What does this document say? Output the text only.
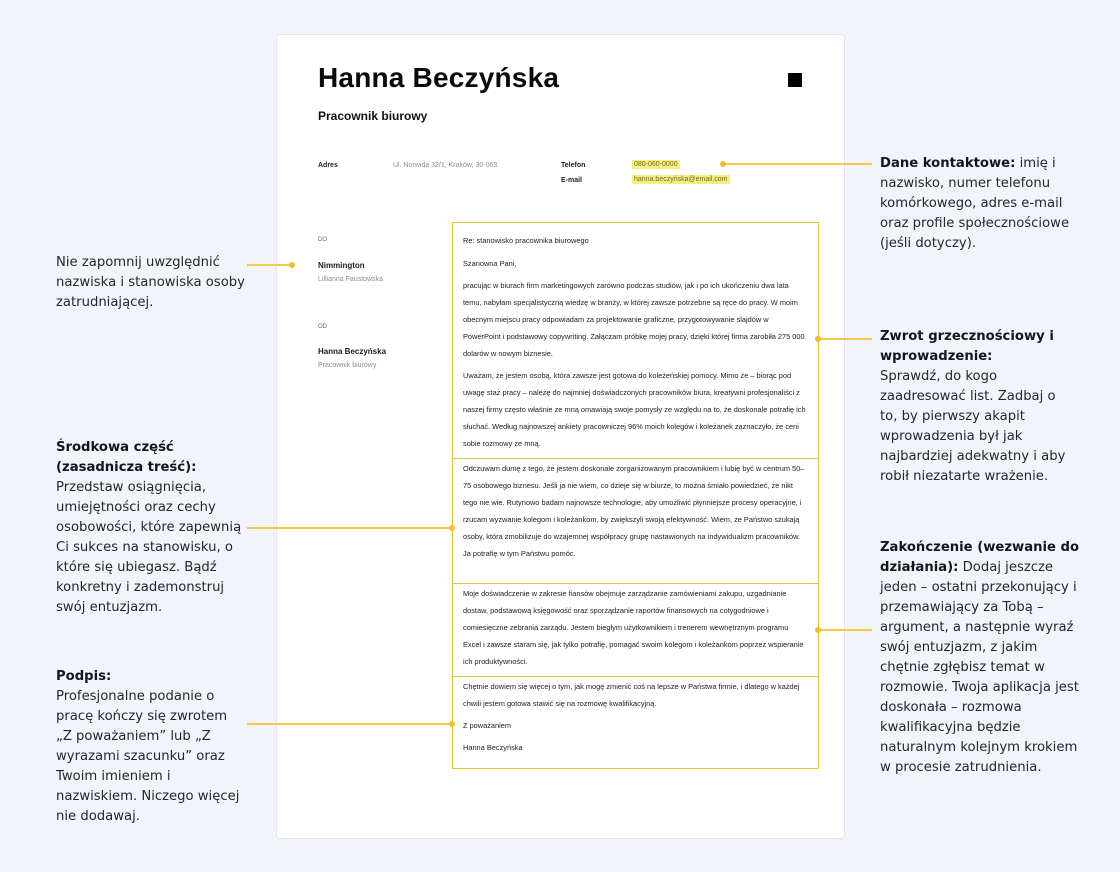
Hanna Beczyńska
Pracownik biurowy
Adres	Ul. Norwida 32/1, Kraków, 30-063	Telefon	080-060-0000
E-mail	hanna.beczyńska@email.com
DO
Nimmington
Lillianna Faustowska
OD
Hanna Beczyńska
Pracownik biurowy
Re: stanowisko pracownika biurowego
Szanowna Pani,
pracując w biurach firm marketingowych zarówno podczas studiów, jak i po ich ukończeniu dwa lata temu, nabyłam specjalistyczną wiedzę w branży, w której zawsze potrzebne są ręce do pracy. W moim obecnym miejscu pracy odpowiadam za projektowanie graficzne, przygotowywanie slajdów w PowerPoint i podstawowy copywriting. Załączam próbkę mojej pracy, dzięki której firma zarobiła 275 000 dolarów w nowym biznesie.
Uważam, że jestem osobą, która zawsze jest gotowa do koleżeńskiej pomocy. Mimo że – biorąc pod uwagę staż pracy – należę do najmniej doświadczonych pracowników biura, kreatywni profesjonaliści z naszej firmy często właśnie ze mną omawiają swoje pomysły ze względu na to, że doskonale potrafię ich słuchać. Według najnowszej ankiety pracowniczej 96% moich kolegów i koleżanek zaznaczyło, że ceni sobie rozmowy ze mną.
Odczuwam dumę z tego, że jestem doskonale zorganizowanym pracownikiem i lubię być w centrum 50–75 osobowego biznesu. Jeśli ja nie wiem, co dzieje się w biurze, to można śmiało powiedzieć, że nikt tego nie wie. Rutynowo badam najnowsze technologie, aby umożliwić płynniejsze procesy operacyjne, i rzucam wyzwanie kolegom i koleżankom, by zwiększyli swoją efektywność. Wiem, że Państwo szukają osoby, która zmobilizuje do wzajemnej współpracy grupę nastawionych na indywidualizm pracowników. Ja potrafię w tym Państwu pomóc.
Moje doświadczenie w zakresie fiansów obejmuje zarządzanie zamówieniami zakupu, uzgadnianie dostaw, podstawową księgowość oraz sporządzanie raportów finansowych na cotygodniowe i comiesięczne zebrania zarządu. Jestem biegłym użytkownikiem i trenerem wewnętrznym programu Excel i zawsze staram się, jak tylko potrafię, pomagać swoim kolegom i koleżankom poprzez wspieranie ich produktywności.
Chętnie dowiem się więcej o tym, jak mogę zmienić coś na lepsze w Państwa firmie, i dlatego w każdej chwili jestem gotowa stawić się na rozmowę kwalifikacyjną.
Z poważaniem
Hanna Beczyńska
Nie zapomnij uwzględnić nazwiska i stanowiska osoby zatrudniającej.
Środkowa część (zasadnicza treść):
Przedstaw osiągnięcia, umiejętności oraz cechy osobowości, które zapewnią Ci sukces na stanowisku, o które się ubiegasz. Bądź konkretny i zademonstruj swój entuzjazm.
Podpis:
Profesjonalne podanie o pracę kończy się zwrotem „Z poważaniem” lub „Z wyrazami szacunku” oraz Twoim imieniem i nazwiskiem. Niczego więcej nie dodawaj.
Dane kontaktowe: imię i nazwisko, numer telefonu komórkowego, adres e-mail oraz profile społecznościowe (jeśli dotyczy).
Zwrot grzecznościowy i wprowadzenie:
Sprawdź, do kogo zaadresować list. Zadbaj o to, by pierwszy akapit wprowadzenia był jak najbardziej adekwatny i aby robił niezatarte wrażenie.
Zakończenie (wezwanie do działania): Dodaj jeszcze jeden – ostatni przekonujący i przemawiający za Tobą – argument, a następnie wyraź swój entuzjazm, z jakim chętnie zgłębisz temat w rozmowie. Twoja aplikacja jest doskonała – rozmowa kwalifikacyjna będzie naturalnym kolejnym krokiem w procesie zatrudnienia.
